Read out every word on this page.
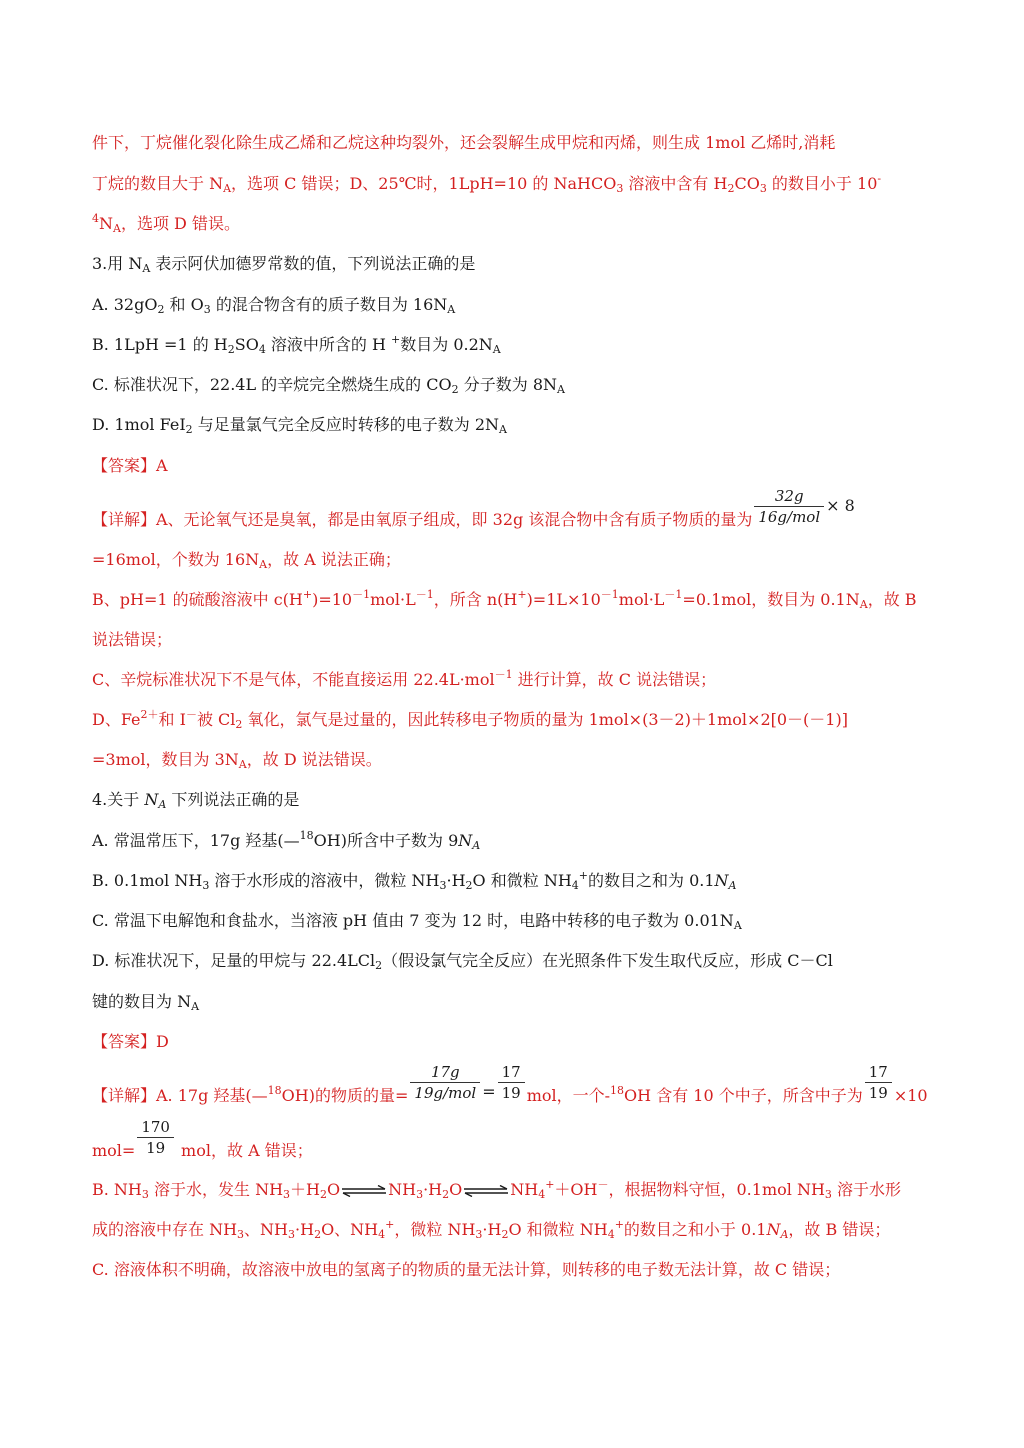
件下，丁烷催化裂化除生成乙烯和乙烷这种均裂外，还会裂解生成甲烷和丙烯，则生成 1mol 乙烯时,消耗
丁烷的数目大于 $N_A$，选项 C 错误；D、25℃时，1LpH=10 的 NaHCO$_3$ 溶液中含有 $H_2CO_3$ 的数目小于 10-
$^4N_A$，选项 D 错误。
3.用 $N_A$ 表示阿伏加德罗常数的值，下列说法正确的是
A. $32gO_2$ 和 $O_3$ 的混合物含有的质子数目为 $16N_A$
B. 1LpH =1 的 $H_2SO_4$ 溶液中所含的 H +数目为 $0.2N_A$
C. 标准状况下，22.4L 的辛烷完全燃烧生成的 $CO_2$ 分子数为 $8N_A$
D. 1mol FeI$_2$ 与足量氯气完全反应时转移的电子数为 $2N_A$
【答案】A
【详解】A、无论氧气还是臭氧，都是由氧原子组成，即 32g 该混合物中含有质子物质的量为 $\frac{32g}{\text{16g/mol}} \times 8$
=16mol，个数为 $16N_A$，故 A 说法正确；
B、pH=1 的硫酸溶液中 $c(H^+)=10^{-1}mol\cdot L^{-1}$，所含 $n(H^+)=1L\times 10^{-1}mol\cdot L^{-1}=0.1mol$，数目为 $0.1N_A$，故 B
说法错误；
C、辛烷标准状况下不是气体，不能直接运用 22.4L·mol$^{-1}$ 进行计算，故 C 说法错误；
D、$Fe^{2+}$和 I－被 $Cl_2$ 氧化，氯气是过量的，因此转移电子物质的量为 1mol×(3－2)＋1mol×2[0－(－1)]
=3mol，数目为 $3N_A$，故 D 说法错误。
4.关于 $N_A$ 下列说法正确的是
A. 常温常压下，17g 羟基(—$^{18}$OH)所含中子数为 $9N_A$
B. 0.1mol $NH_3$ 溶于水形成的溶液中，微粒 $NH_3\cdot H_2O$ 和微粒 $NH_4^+$的数目之和为 $0.1N_A$
C. 常温下电解饱和食盐水，当溶液 pH 值由 7 变为 12 时，电路中转移的电子数为 $0.01N_A$
D. 标准状况下，足量的甲烷与 22.4LCl$_2$（假设氯气完全反应）在光照条件下发生取代反应，形成 C－Cl
键的数目为 $N_A$
【答案】D
【详解】A. 17g 羟基(—$^{18}$OH)的物质的量= $\frac{17g}{\text{19g/mol}} = \frac{17}{19}$ mol，一个-$^{18}$OH 含有 10 个中子，所含中子为 $\frac{17}{19} \times 10$
$mol= \frac{170}{19}$ mol，故 A 错误；
B. $NH_3$ 溶于水，发生 $NH_3+H_2O\rightleftharpoons NH_3\cdot H_2O\rightleftharpoons NH_4^++OH^-$，根据物料守恒，0.1mol $NH_3$ 溶于水形
成的溶液中存在 $NH_3$、$NH_3\cdot H_2O$、$NH_4^+$，微粒 $NH_3\cdot H_2O$ 和微粒 $NH_4^+$的数目之和小于 $0.1N_A$，故 B 错误；
C. 溶液体积不明确，故溶液中放电的氢离子的物质的量无法计算，则转移的电子数无法计算，故 C 错误；
